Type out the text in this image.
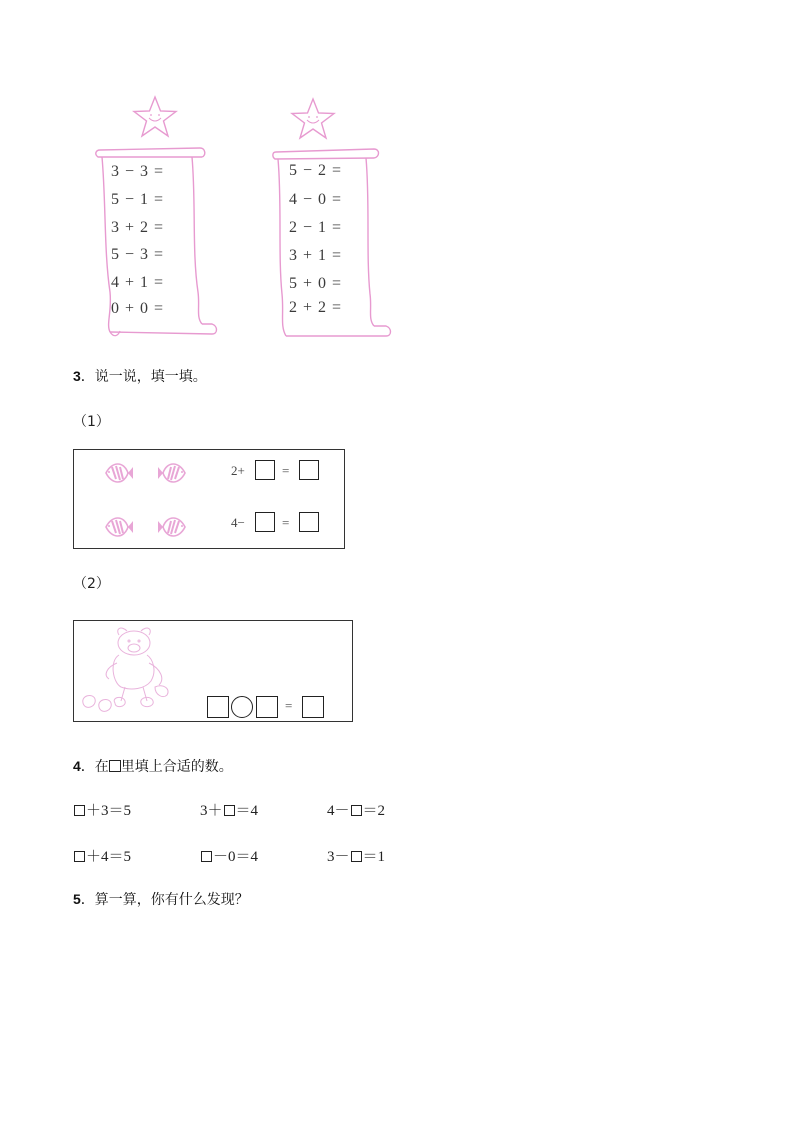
3 − 3 =
5 − 1 =
3 + 2 =
5 − 3 =
4 + 1 =
0 + 0 =
5 − 2 =
4 − 0 =
2 − 1 =
3 + 1 =
5 + 0 =
2 + 2 =
3．说一说，填一填。
（1）
2+	=
4−	=
（2）
=
4．在 里填上合适的数。
＋3＝5	3＋ ＝4	4－ ＝2
＋4＝5	－0＝4	3－ ＝1
5．算一算，你有什么发现？
